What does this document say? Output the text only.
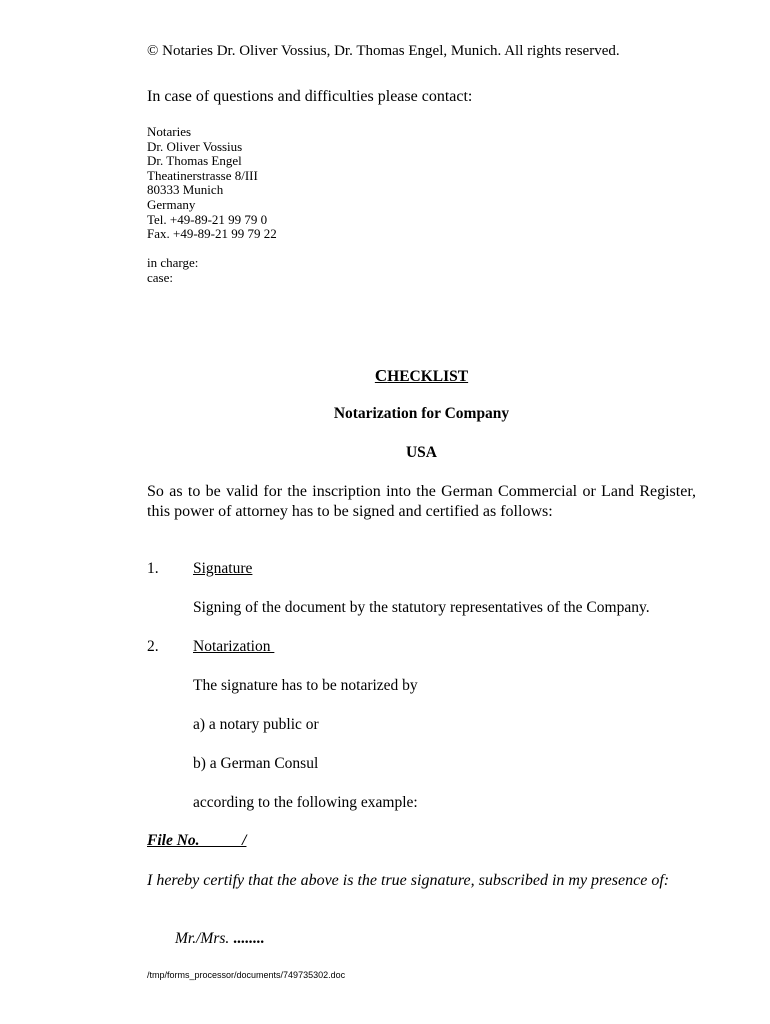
© Notaries Dr. Oliver Vossius, Dr. Thomas Engel, Munich. All rights reserved.
In case of questions and difficulties please contact:
Notaries
Dr. Oliver Vossius
Dr. Thomas Engel
Theatinerstrasse 8/III
80333 Munich
Germany
Tel. +49-89-21 99 79 0
Fax. +49-89-21 99 79 22
in charge:
case:
CHECKLIST
Notarization for Company
USA
So as to be valid for the inscription into the German Commercial or Land Register, this power of attorney has to be signed and certified as follows:
1. Signature
Signing of the document by the statutory representatives of the Company.
2. Notarization
The signature has to be notarized by
a) a notary public or
b) a German Consul
according to the following example:
File No.           /
I hereby certify that the above is the true signature, subscribed in my presence of:
Mr./Mrs. ........
/tmp/forms_processor/documents/749735302.doc
